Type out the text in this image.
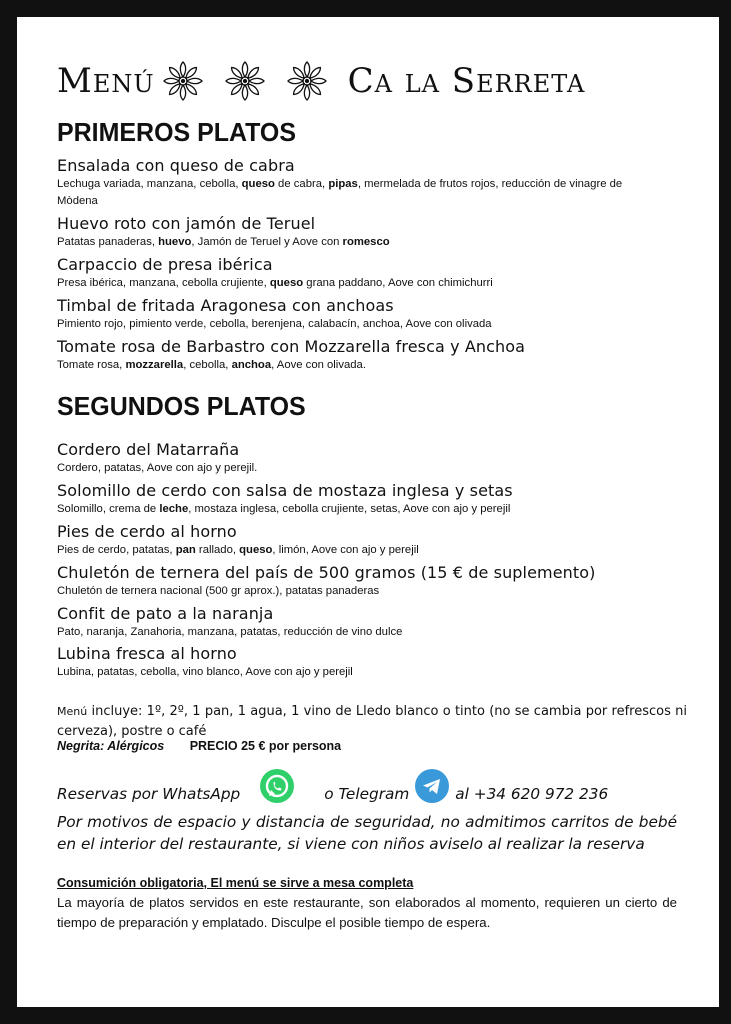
Menú	Ca la Serreta
PRIMEROS PLATOS
Ensalada con queso de cabra
Lechuga variada, manzana, cebolla, queso de cabra, pipas, mermelada de frutos rojos, reducción de vinagre de Mòdena
Huevo roto con jamón de Teruel
Patatas panaderas, huevo, Jamón de Teruel y Aove con romesco
Carpaccio de presa ibérica
Presa ibérica, manzana, cebolla crujiente, queso grana paddano, Aove con chimichurri
Timbal de fritada Aragonesa con anchoas
Pimiento rojo, pimiento verde, cebolla, berenjena, calabacín, anchoa, Aove con olivada
Tomate rosa de Barbastro con Mozzarella fresca y Anchoa
Tomate rosa, mozzarella, cebolla, anchoa, Aove con olivada.
SEGUNDOS PLATOS
Cordero del Matarraña
Cordero, patatas, Aove con ajo y perejil.
Solomillo de cerdo con salsa de mostaza inglesa y setas
Solomillo, crema de leche, mostaza inglesa, cebolla crujiente, setas, Aove con ajo y perejil
Pies de cerdo al horno
Pies de cerdo, patatas, pan rallado, queso, limón, Aove con ajo y perejil
Chuletón de ternera del país de 500 gramos (15 € de suplemento)
Chuletón de ternera nacional (500 gr aprox.), patatas panaderas
Confit de pato a la naranja
Pato, naranja, Zanahoria, manzana, patatas, reducción de vino dulce
Lubina fresca al horno
Lubina, patatas, cebolla, vino blanco, Aove con ajo y perejil
Menú incluye: 1º, 2º, 1 pan, 1 agua, 1 vino de Lledo blanco o tinto (no se cambia por refrescos ni cerveza), postre o café
Negrita: Alérgicos PRECIO 25 € por persona
Reservas por WhatsApp	o Telegram	al +34 620 972 236
Por motivos de espacio y distancia de seguridad, no admitimos carritos de bebé en el interior del restaurante, si viene con niños aviselo al realizar la reserva
Consumición obligatoria, El menú se sirve a mesa completa
La mayoría de platos servidos en este restaurante, son elaborados al momento, requieren un cierto de tiempo de preparación y emplatado. Disculpe el posible tiempo de espera.
